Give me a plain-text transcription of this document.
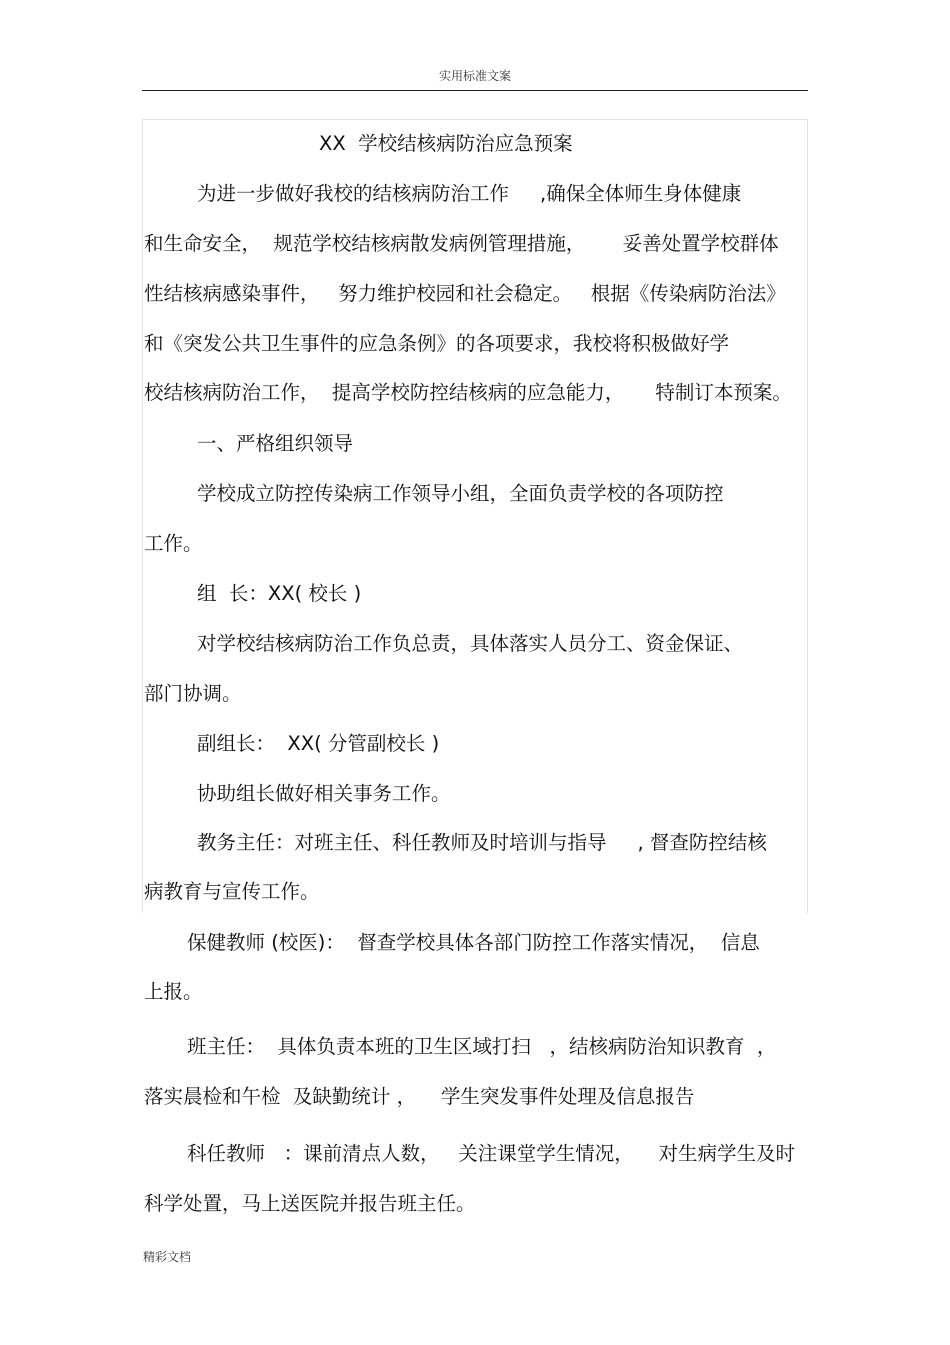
实用标准文案
XX  学校结核病防治应急预案
为进一步做好我校的结核病防治工作     ,确保全体师生身体健康
和生命安全，  规范学校结核病散发病例管理措施，      妥善处置学校群体
性结核病感染事件，   努力维护校园和社会稳定。   根据《传染病防治法》
和《突发公共卫生事件的应急条例》的各项要求，我校将积极做好学
校结核病防治工作，  提高学校防控结核病的应急能力，     特制订本预案。
一、严格组织领导
学校成立防控传染病工作领导小组，全面负责学校的各项防控
工作。
组  长：XX( 校长 )
对学校结核病防治工作负总责，具体落实人员分工、资金保证、
部门协调。
副组长：  XX( 分管副校长 )
协助组长做好相关事务工作。
教务主任：对班主任、科任教师及时培训与指导     , 督查防控结核
病教育与宣传工作。
保健教师 (校医)：  督查学校具体各部门防控工作落实情况，  信息
上报。
班主任：  具体负责本班的卫生区域打扫   ，结核病防治知识教育  ，
落实晨检和午检  及缺勤统计 ，    学生突发事件处理及信息报告
科任教师   ：课前清点人数，   关注课堂学生情况，    对生病学生及时
科学处置，马上送医院并报告班主任。
精彩文档
